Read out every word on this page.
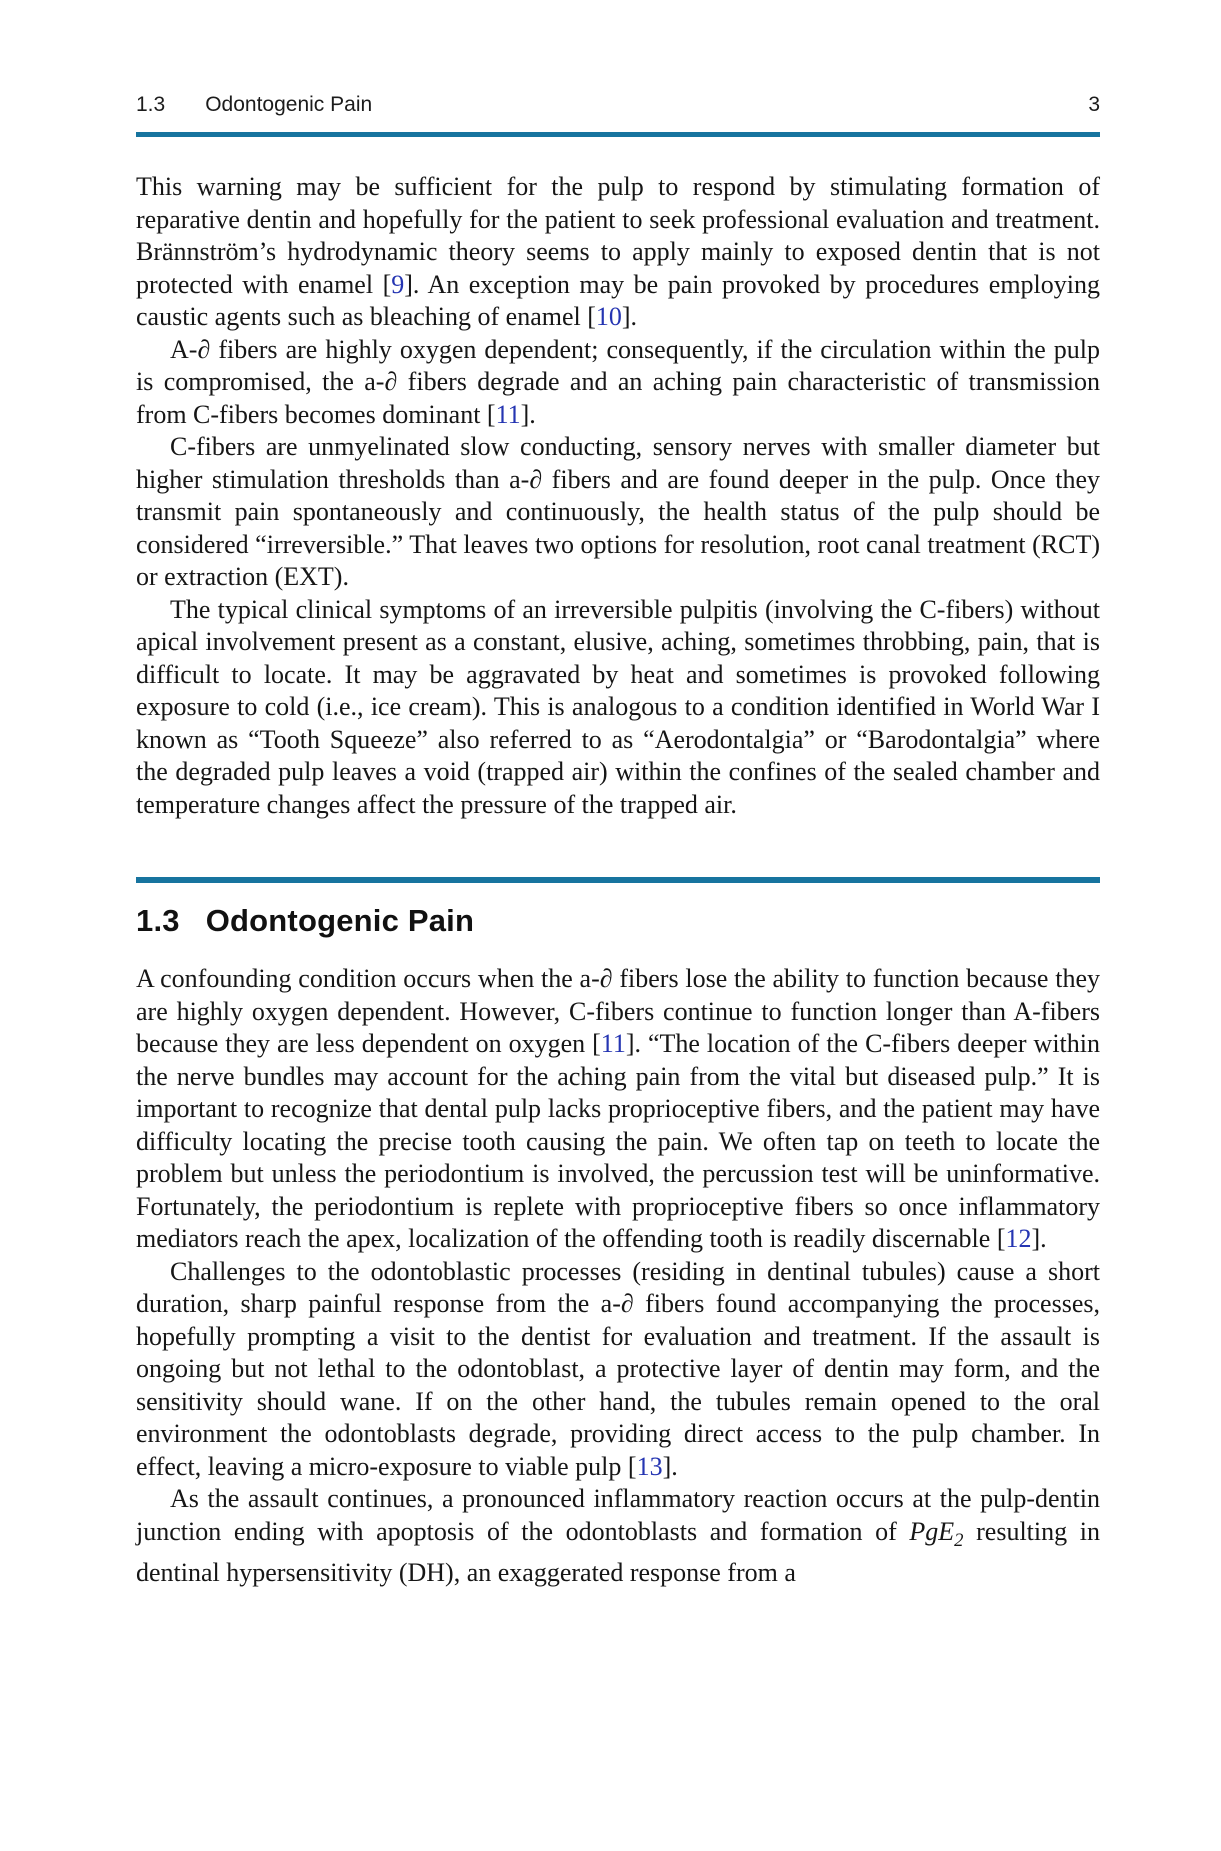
1.3 Odontogenic Pain	3

This warning may be sufficient for the pulp to respond by stimulating formation of reparative dentin and hopefully for the patient to seek professional evaluation and treatment. Brännström’s hydrodynamic theory seems to apply mainly to exposed dentin that is not protected with enamel [9]. An exception may be pain provoked by procedures employing caustic agents such as bleaching of enamel [10].

A-∂ fibers are highly oxygen dependent; consequently, if the circulation within the pulp is compromised, the a-∂ fibers degrade and an aching pain characteristic of transmission from C-fibers becomes dominant [11].

C-fibers are unmyelinated slow conducting, sensory nerves with smaller diameter but higher stimulation thresholds than a-∂ fibers and are found deeper in the pulp. Once they transmit pain spontaneously and continuously, the health status of the pulp should be considered “irreversible.” That leaves two options for resolution, root canal treatment (RCT) or extraction (EXT).

The typical clinical symptoms of an irreversible pulpitis (involving the C-fibers) without apical involvement present as a constant, elusive, aching, sometimes throbbing, pain, that is difficult to locate. It may be aggravated by heat and sometimes is provoked following exposure to cold (i.e., ice cream). This is analogous to a condition identified in World War I known as “Tooth Squeeze” also referred to as “Aerodontalgia” or “Barodontalgia” where the degraded pulp leaves a void (trapped air) within the confines of the sealed chamber and temperature changes affect the pressure of the trapped air.

1.3 Odontogenic Pain

A confounding condition occurs when the a-∂ fibers lose the ability to function because they are highly oxygen dependent. However, C-fibers continue to function longer than A-fibers because they are less dependent on oxygen [11]. “The location of the C-fibers deeper within the nerve bundles may account for the aching pain from the vital but diseased pulp.” It is important to recognize that dental pulp lacks proprioceptive fibers, and the patient may have difficulty locating the precise tooth causing the pain. We often tap on teeth to locate the problem but unless the periodontium is involved, the percussion test will be uninformative. Fortunately, the periodontium is replete with proprioceptive fibers so once inflammatory mediators reach the apex, localization of the offending tooth is readily discernable [12].

Challenges to the odontoblastic processes (residing in dentinal tubules) cause a short duration, sharp painful response from the a-∂ fibers found accompanying the processes, hopefully prompting a visit to the dentist for evaluation and treatment. If the assault is ongoing but not lethal to the odontoblast, a protective layer of dentin may form, and the sensitivity should wane. If on the other hand, the tubules remain opened to the oral environment the odontoblasts degrade, providing direct access to the pulp chamber. In effect, leaving a micro-exposure to viable pulp [13].

As the assault continues, a pronounced inflammatory reaction occurs at the pulp-dentin junction ending with apoptosis of the odontoblasts and formation of PgE$_2$ resulting in dentinal hypersensitivity (DH), an exaggerated response from a
